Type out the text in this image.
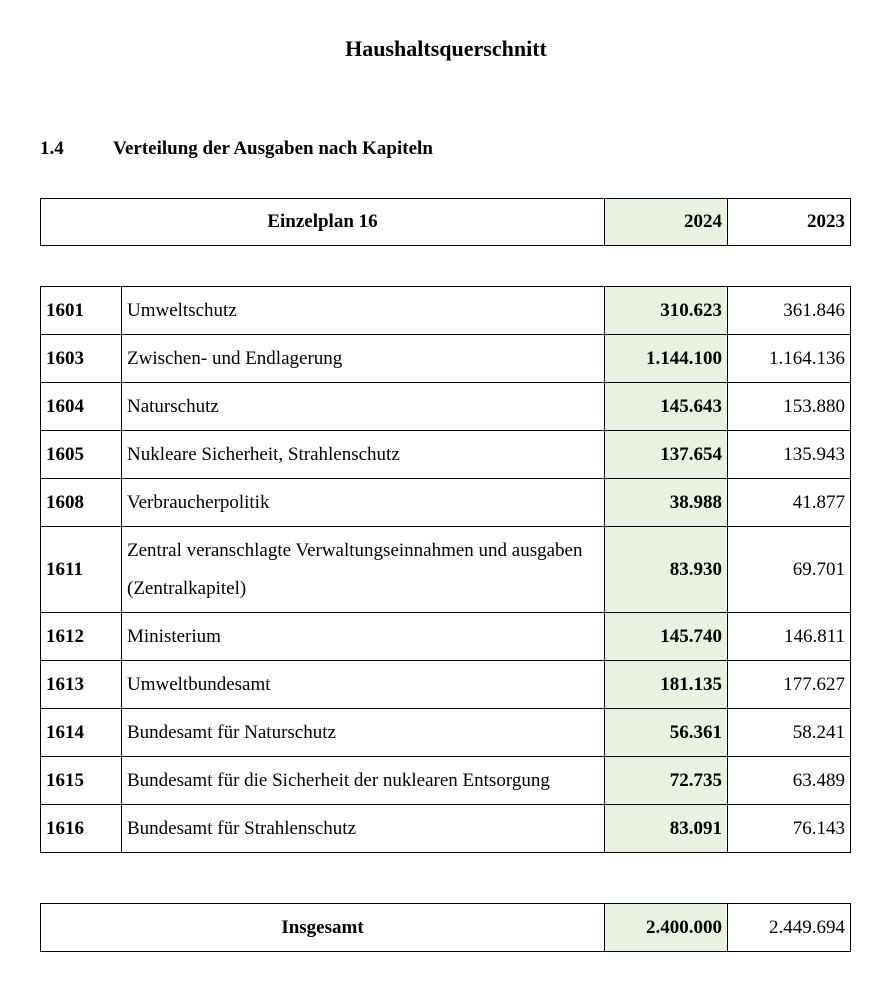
Haushaltsquerschnitt
1.4	Verteilung der Ausgaben nach Kapiteln
Einzelplan 16	2024	2023
1601	Umweltschutz	310.623	361.846
1603	Zwischen- und Endlagerung	1.144.100	1.164.136
1604	Naturschutz	145.643	153.880
1605	Nukleare Sicherheit, Strahlenschutz	137.654	135.943
1608	Verbraucherpolitik	38.988	41.877
1611	Zentral veranschlagte Verwaltungseinnahmen und ausgaben (Zentralkapitel)	83.930	69.701
1612	Ministerium	145.740	146.811
1613	Umweltbundesamt	181.135	177.627
1614	Bundesamt für Naturschutz	56.361	58.241
1615	Bundesamt für die Sicherheit der nuklearen Entsorgung	72.735	63.489
1616	Bundesamt für Strahlenschutz	83.091	76.143
Insgesamt	2.400.000	2.449.694
